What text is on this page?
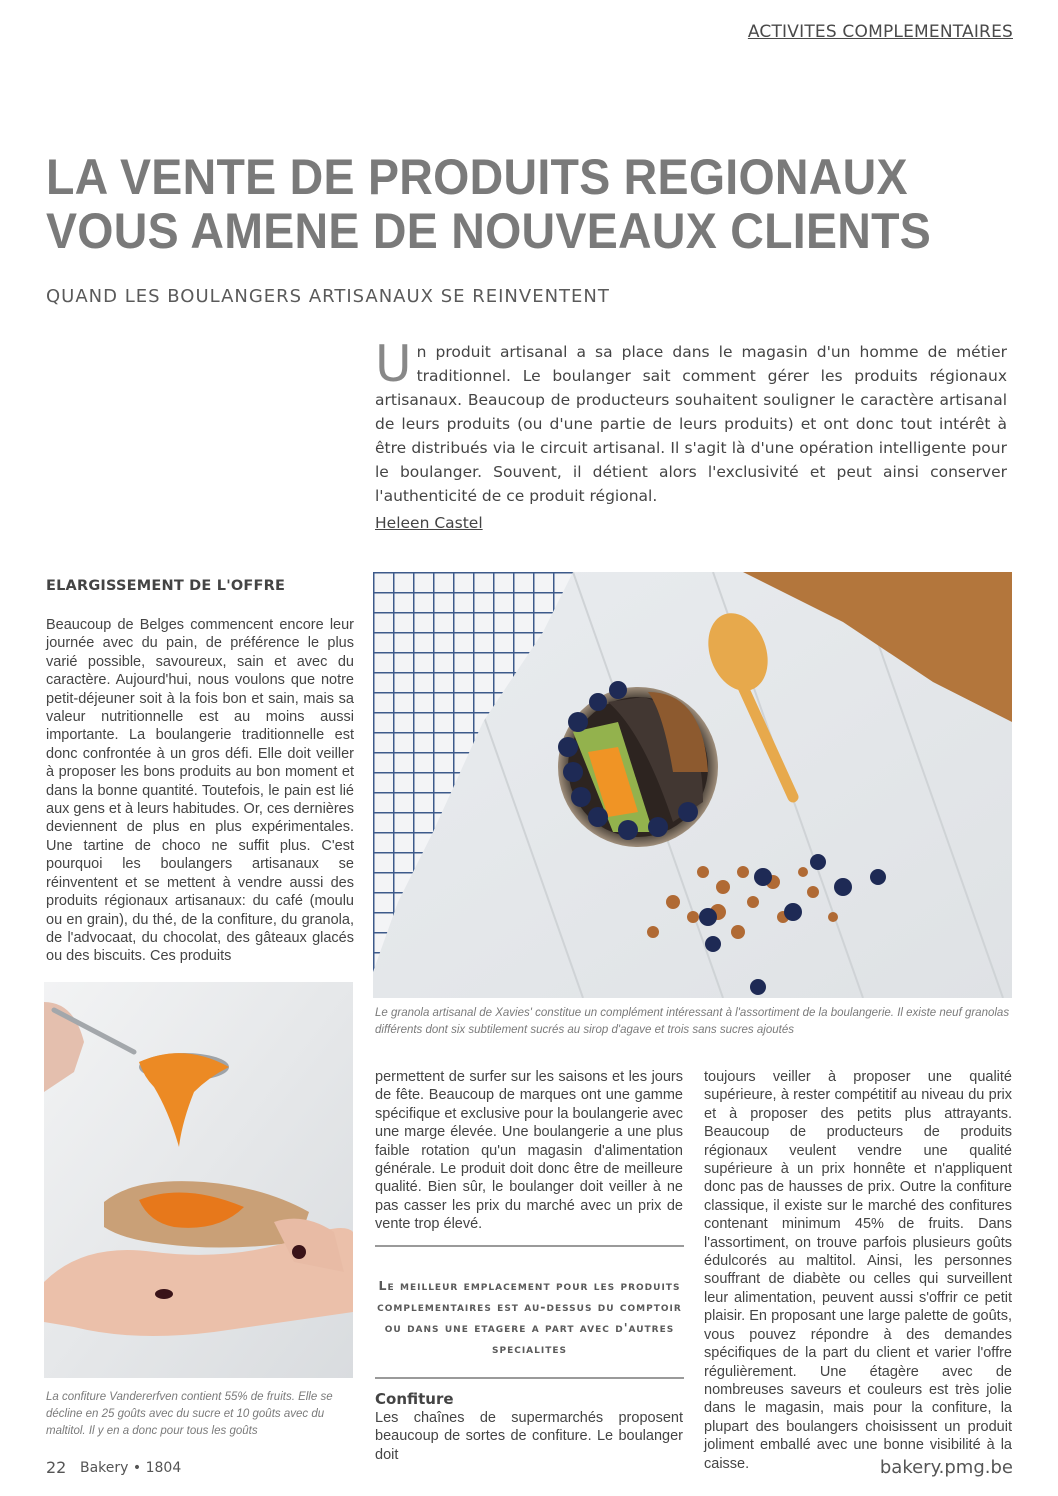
ACTIVITES COMPLEMENTAIRES
LA VENTE DE PRODUITS REGIONAUX
VOUS AMENE DE NOUVEAUX CLIENTS
QUAND LES BOULANGERS ARTISANAUX SE REINVENTENT
U n produit artisanal a sa place dans le magasin d'un homme de métier traditionnel. Le boulanger sait comment gérer les produits régionaux artisanaux. Beaucoup de producteurs souhaitent souligner le caractère artisanal de leurs produits (ou d'une partie de leurs produits) et ont donc tout intérêt à être distribués via le circuit artisanal. Il s'agit là d'une opération intelligente pour le boulanger. Souvent, il détient alors l'exclusivité et peut ainsi conserver l'authenticité de ce produit régional.
Heleen Castel
ELARGISSEMENT DE L'OFFRE
Beaucoup de Belges commencent encore leur journée avec du pain, de préférence le plus varié possible, savoureux, sain et avec du caractère. Aujourd'hui, nous voulons que notre petit-déjeuner soit à la fois bon et sain, mais sa valeur nutritionnelle est au moins aussi importante. La boulangerie traditionnelle est donc confrontée à un gros défi. Elle doit veiller à proposer les bons produits au bon moment et dans la bonne quantité. Toutefois, le pain est lié aux gens et à leurs habitudes. Or, ces dernières deviennent de plus en plus expérimentales. Une tartine de choco ne suffit plus. C'est pourquoi les boulangers artisanaux se réinventent et se mettent à vendre aussi des produits régionaux artisanaux: du café (moulu ou en grain), du thé, de la confiture, du granola, de l'advocaat, du chocolat, des gâteaux glacés ou des biscuits. Ces produits
Le granola artisanal de Xavies' constitue un complément intéressant à l'assortiment de la boulangerie. Il existe neuf granolas différents dont six subtilement sucrés au sirop d'agave et trois sans sucres ajoutés
La confiture Vandererfven contient 55% de fruits. Elle se décline en 25 goûts avec du sucre et 10 goûts avec du maltitol. Il y en a donc pour tous les goûts
permettent de surfer sur les saisons et les jours de fête. Beaucoup de marques ont une gamme spécifique et exclusive pour la boulangerie avec une marge élevée. Une boulangerie a une plus faible rotation qu'un magasin d'alimentation générale. Le produit doit donc être de meilleure qualité. Bien sûr, le boulanger doit veiller à ne pas casser les prix du marché avec un prix de vente trop élevé.
Le meilleur emplacement pour les produits complementaires est au-dessus du comptoir ou dans une etagere a part avec d'autres specialites
Confiture
Les chaînes de supermarchés proposent beaucoup de sortes de confiture. Le boulanger doit
toujours veiller à proposer une qualité supérieure, à rester compétitif au niveau du prix et à proposer des petits plus attrayants. Beaucoup de producteurs de produits régionaux veulent vendre une qualité supérieure à un prix honnête et n'appliquent donc pas de hausses de prix. Outre la confiture classique, il existe sur le marché des confitures contenant minimum 45% de fruits. Dans l'assortiment, on trouve parfois plusieurs goûts édulcorés au maltitol. Ainsi, les personnes souffrant de diabète ou celles qui surveillent leur alimentation, peuvent aussi s'offrir ce petit plaisir. En proposant une large palette de goûts, vous pouvez répondre à des demandes spécifiques de la part du client et varier l'offre régulièrement. Une étagère avec de nombreuses saveurs et couleurs est très jolie dans le magasin, mais pour la confiture, la plupart des boulangers choisissent un produit joliment emballé avec une bonne visibilité à la caisse.
22 Bakery • 1804	bakery.pmg.be
